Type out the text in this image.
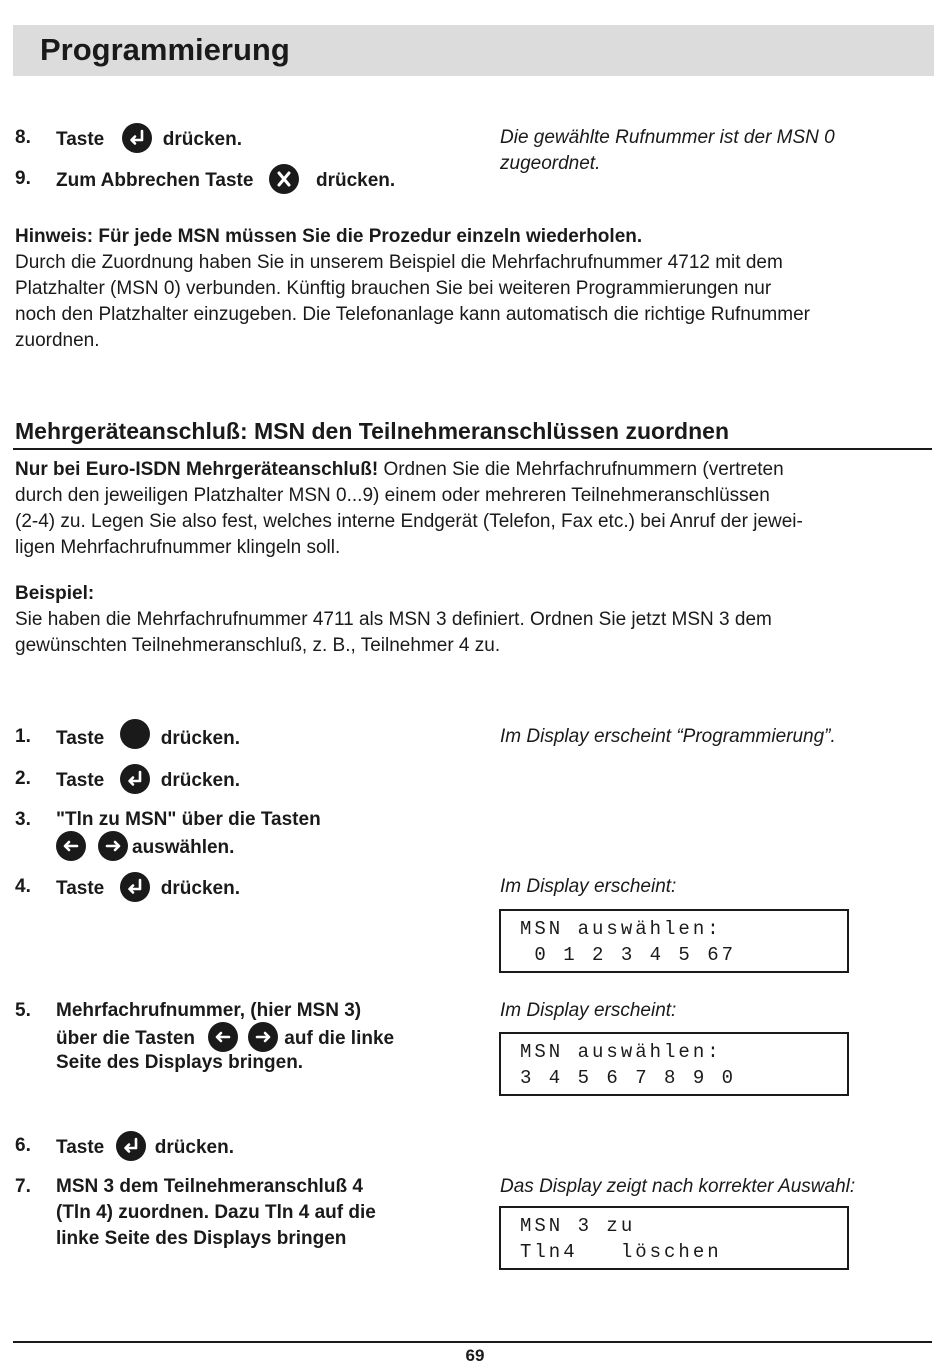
Programmierung
8. Taste	drücken.
9. Zum Abbrechen Taste	drücken.
Die gewählte Rufnummer ist der MSN 0
zugeordnet.
Hinweis: Für jede MSN müssen Sie die Prozedur einzeln wiederholen.
Durch die Zuordnung haben Sie in unserem Beispiel die Mehrfachrufnummer 4712 mit dem
Platzhalter (MSN 0) verbunden. Künftig brauchen Sie bei weiteren Programmierungen nur
noch den Platzhalter einzugeben. Die Telefonanlage kann automatisch die richtige Rufnummer
zuordnen.
Mehrgeräteanschluß: MSN den Teilnehmeranschlüssen zuordnen
Nur bei Euro-ISDN Mehrgeräteanschluß! Ordnen Sie die Mehrfachrufnummern (vertreten
durch den jeweiligen Platzhalter MSN 0...9) einem oder mehreren Teilnehmeranschlüssen
(2-4) zu. Legen Sie also fest, welches interne Endgerät (Telefon, Fax etc.) bei Anruf der jewei-
ligen Mehrfachrufnummer klingeln soll.
Beispiel:
Sie haben die Mehrfachrufnummer 4711 als MSN 3 definiert. Ordnen Sie jetzt MSN 3 dem
gewünschten Teilnehmeranschluß, z. B., Teilnehmer 4 zu.
1. Taste	drücken.	Im Display erscheint “Programmierung”.
2. Taste	drücken.
3. "Tln zu MSN" über die Tasten
auswählen.
4. Taste	drücken.	Im Display erscheint:
MSN auswählen:
0 1 2 3 4 5 67
5. Mehrfachrufnummer, (hier MSN 3)
über die Tasten	auf die linke
Seite des Displays bringen.
Im Display erscheint:
MSN auswählen:
3 4 5 6 7 8 9 0
6. Taste	drücken.
7. MSN 3 dem Teilnehmeranschluß 4
(Tln 4) zuordnen. Dazu Tln 4 auf die
linke Seite des Displays bringen
Das Display zeigt nach korrekter Auswahl:
MSN 3 zu
Tln4   löschen
69
